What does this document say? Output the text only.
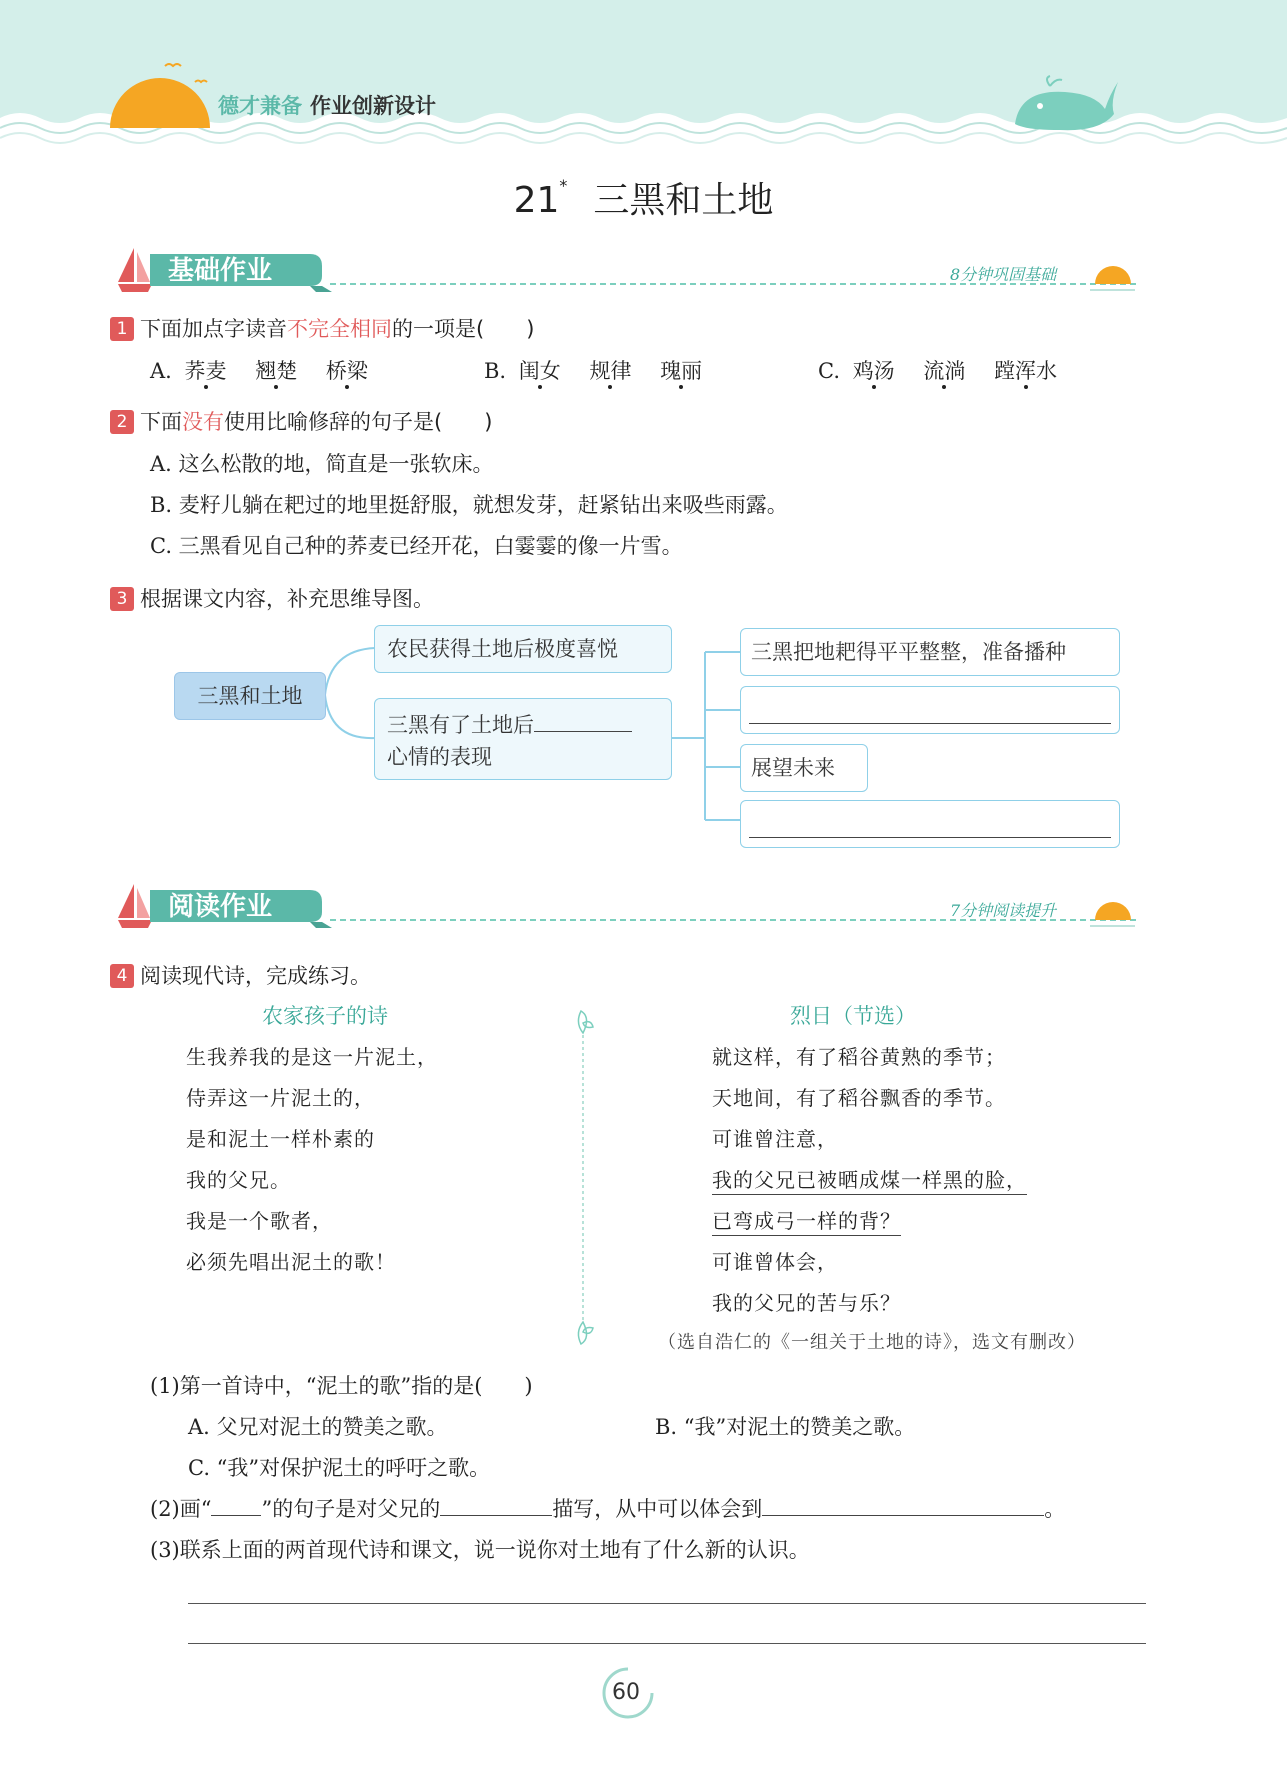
德才兼备 作业创新设计
21* 三黑和土地
基础作业	8分钟巩固基础
1 下面加点字读音不完全相同的一项是(　　)
A. 荞麦 翘楚 桥梁	B. 闺女 规律 瑰丽	C. 鸡汤 流淌 蹚浑水
2 下面没有使用比喻修辞的句子是(　　)
A. 这么松散的地，简直是一张软床。
B. 麦籽儿躺在耙过的地里挺舒服，就想发芽，赶紧钻出来吸些雨露。
C. 三黑看见自己种的荞麦已经开花，白霎霎的像一片雪。
3 根据课文内容，补充思维导图。
三黑和土地
农民获得土地后极度喜悦
三黑有了土地后
心情的表现
三黑把地耙得平平整整，准备播种
展望未来
阅读作业	7分钟阅读提升
4 阅读现代诗，完成练习。
农家孩子的诗
生我养我的是这一片泥土，
侍弄这一片泥土的，
是和泥土一样朴素的
我的父兄。
我是一个歌者，
必须先唱出泥土的歌！
烈日（节选）
就这样，有了稻谷黄熟的季节；
天地间，有了稻谷飘香的季节。
可谁曾注意，
我的父兄已被晒成煤一样黑的脸，
已弯成弓一样的背？
可谁曾体会，
我的父兄的苦与乐？
（选自浩仁的《一组关于土地的诗》，选文有删改）
(1)第一首诗中，“泥土的歌”指的是(　　)
A. 父兄对泥土的赞美之歌。	B. “我”对泥土的赞美之歌。
C. “我”对保护泥土的呼吁之歌。
(2)画“ ”的句子是对父兄的	描写，从中可以体会到	。
(3)联系上面的两首现代诗和课文，说一说你对土地有了什么新的认识。
60
